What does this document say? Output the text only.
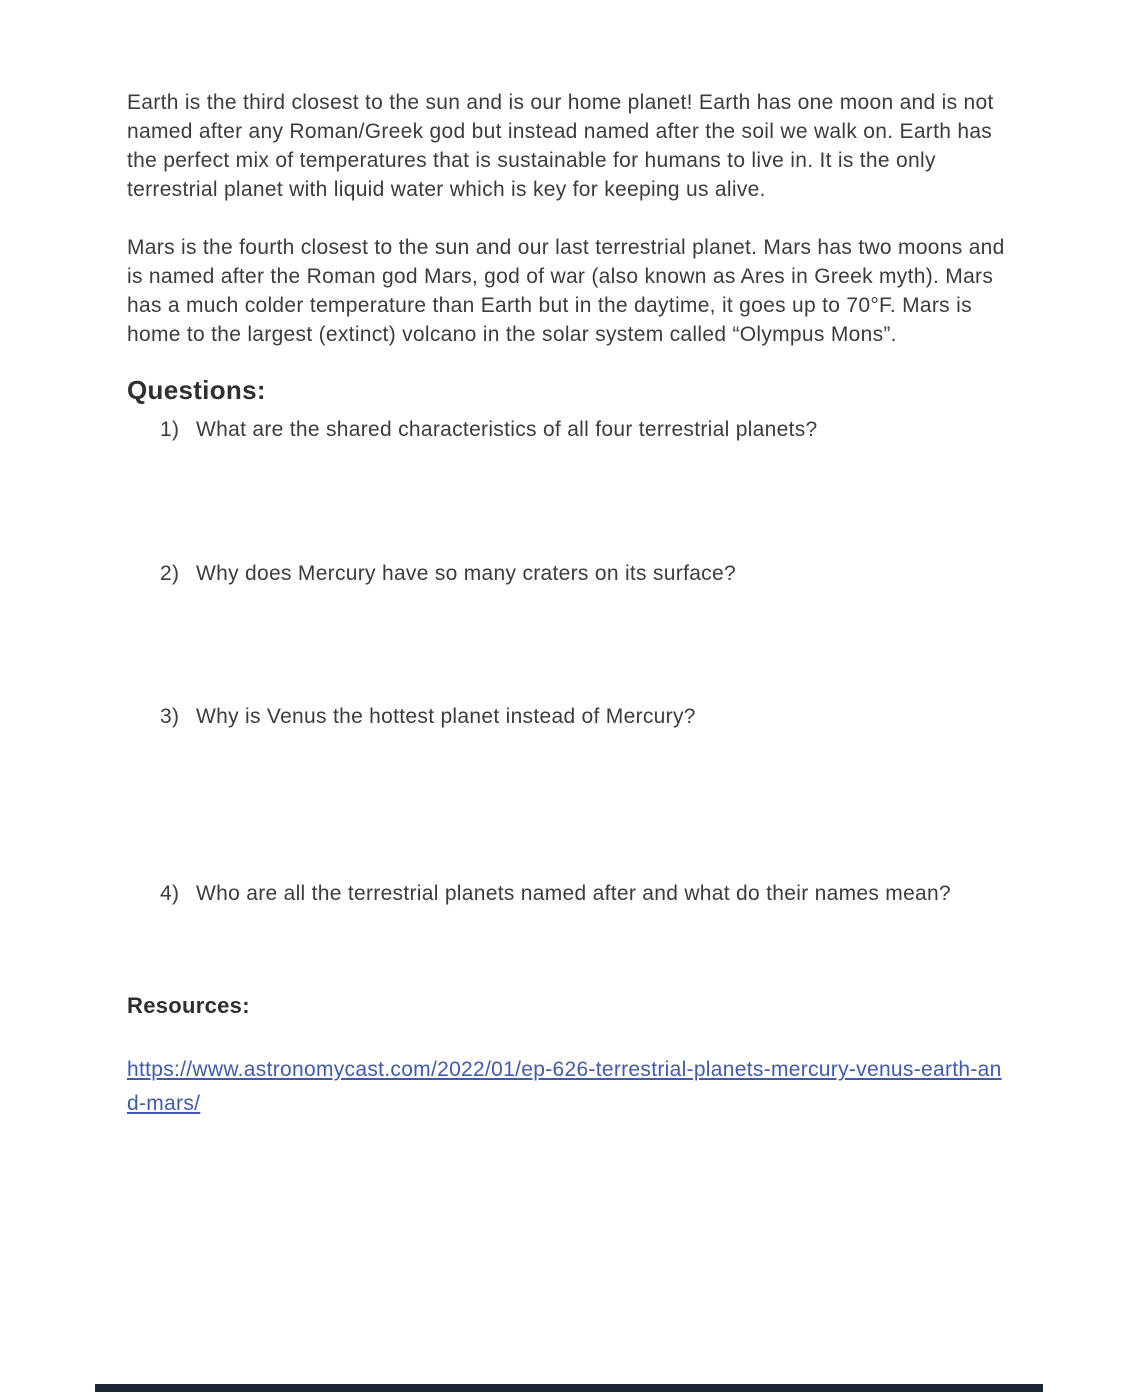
Earth is the third closest to the sun and is our home planet! Earth has one moon and is not named after any Roman/Greek god but instead named after the soil we walk on. Earth has the perfect mix of temperatures that is sustainable for humans to live in. It is the only terrestrial planet with liquid water which is key for keeping us alive.

Mars is the fourth closest to the sun and our last terrestrial planet. Mars has two moons and is named after the Roman god Mars, god of war (also known as Ares in Greek myth). Mars has a much colder temperature than Earth but in the daytime, it goes up to 70°F. Mars is home to the largest (extinct) volcano in the solar system called “Olympus Mons”.

Questions:
1) What are the shared characteristics of all four terrestrial planets?
2) Why does Mercury have so many craters on its surface?
3) Why is Venus the hottest planet instead of Mercury?
4) Who are all the terrestrial planets named after and what do their names mean?
Resources:

https://www.astronomycast.com/2022/01/ep-626-terrestrial-planets-mercury-venus-earth-and-mars/
